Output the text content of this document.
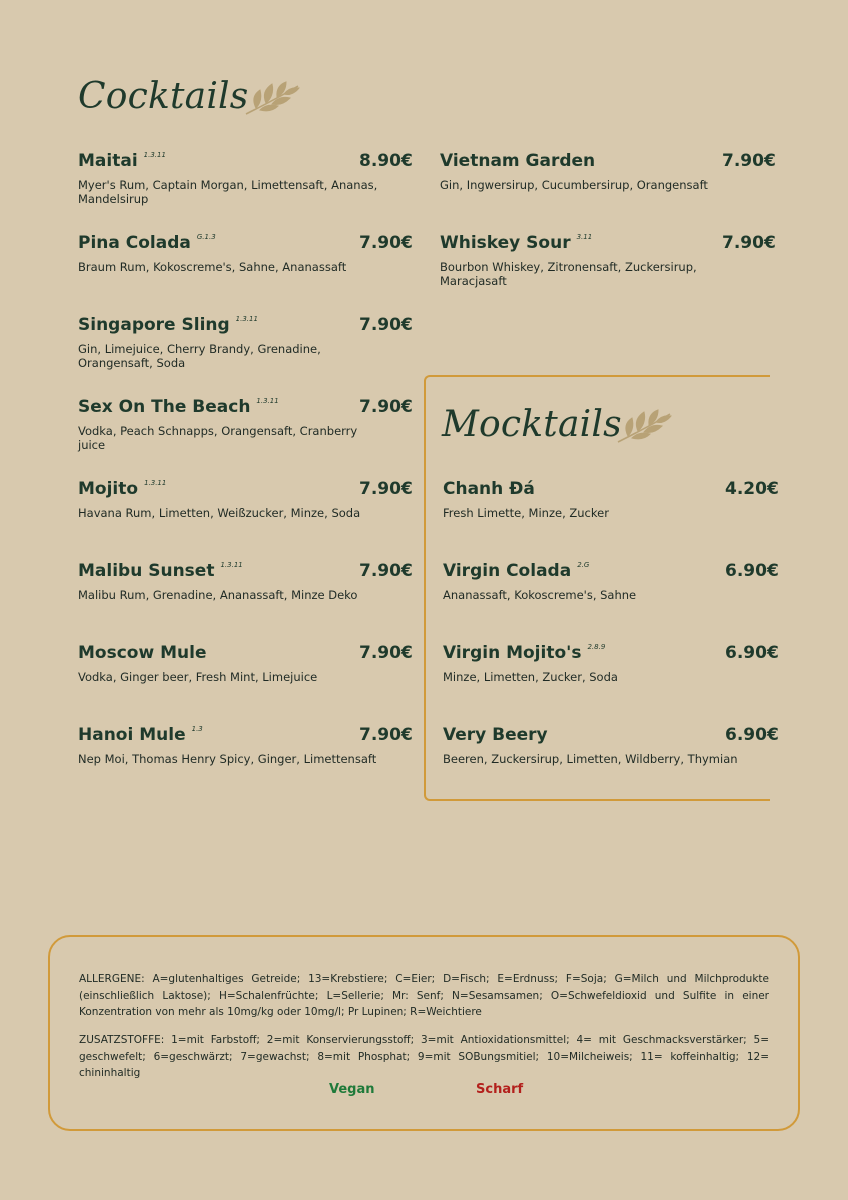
Cocktails
Maitai $^{1.3.11}$	8.90€
Myer's Rum, Captain Morgan, Limettensaft, Ananas, Mandelsirup
Pina Colada $^{G.1.3}$	7.90€
Braum Rum, Kokoscreme's, Sahne, Ananassaft
Singapore Sling $^{1.3.11}$	7.90€
Gin, Limejuice, Cherry Brandy, Grenadine, Orangensaft, Soda
Sex On The Beach $^{1.3.11}$	7.90€
Vodka, Peach Schnapps, Orangensaft, Cranberry juice
Mojito $^{1.3.11}$	7.90€
Havana Rum, Limetten, Weißzucker, Minze, Soda
Malibu Sunset $^{1.3.11}$	7.90€
Malibu Rum, Grenadine, Ananassaft, Minze Deko
Moscow Mule	7.90€
Vodka, Ginger beer, Fresh Mint, Limejuice
Hanoi Mule $^{1.3}$	7.90€
Nep Moi, Thomas Henry Spicy, Ginger, Limettensaft
Vietnam Garden	7.90€
Gin, Ingwersirup, Cucumbersirup, Orangensaft
Whiskey Sour $^{3.11}$	7.90€
Bourbon Whiskey, Zitronensaft, Zuckersirup, Maracjasaft
Mocktails
Chanh Đá	4.20€
Fresh Limette, Minze, Zucker
Virgin Colada $^{2.G}$	6.90€
Ananassaft, Kokoscreme's, Sahne
Virgin Mojito's $^{2.8.9}$	6.90€
Minze, Limetten, Zucker, Soda
Very Beery	6.90€
Beeren, Zuckersirup, Limetten, Wildberry, Thymian
ALLERGENE: A=glutenhaltiges Getreide; 13=Krebstiere; C=Eier; D=Fisch; E=Erdnuss; F=Soja; G=Milch und Milchprodukte (einschließlich Laktose); H=Schalenfrüchte; L=Sellerie; Mr: Senf; N=Sesamsamen; O=Schwefeldioxid und Sulfite in einer Konzentration von mehr als 10mg/kg oder 10mg/l; Pr Lupinen; R=Weichtiere
ZUSATZSTOFFE: 1=mit Farbstoff; 2=mit Konservierungsstoff; 3=mit Antioxidationsmittel; 4= mit Geschmacksverstärker; 5= geschwefelt; 6=geschwärzt; 7=gewachst; 8=mit Phosphat; 9=mit SOBungsmitiel; 10=Milcheiweis; 11= koffeinhaltig; 12= chininhaltig
Vegan	Scharf
